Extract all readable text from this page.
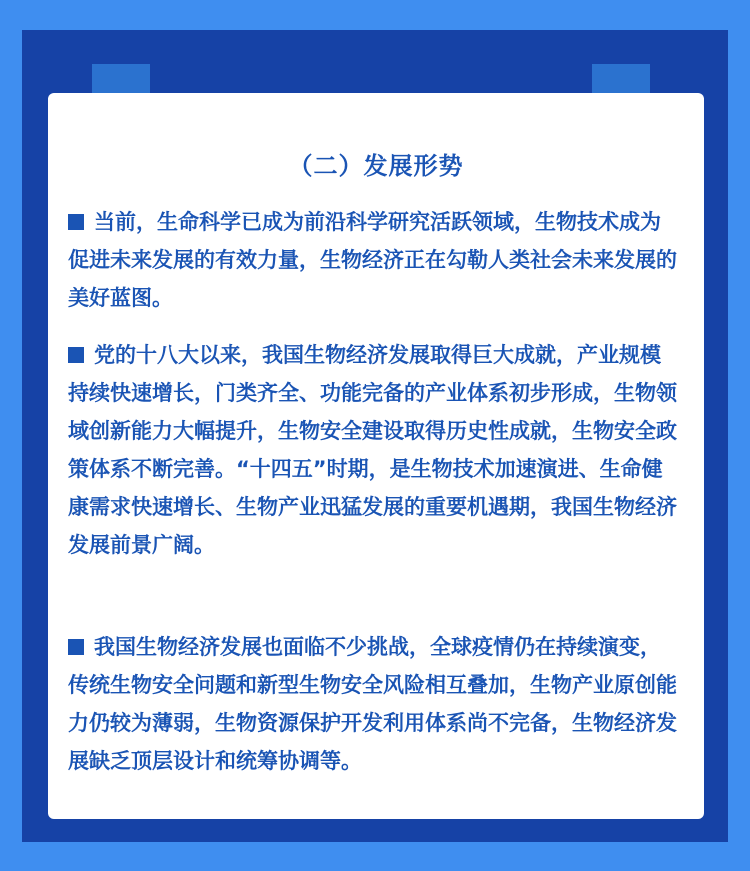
（二）发展形势
当前，生命科学已成为前沿科学研究活跃领域，生物技术成为促进未来发展的有效力量，生物经济正在勾勒人类社会未来发展的美好蓝图。
党的十八大以来，我国生物经济发展取得巨大成就，产业规模持续快速增长，门类齐全、功能完备的产业体系初步形成，生物领域创新能力大幅提升，生物安全建设取得历史性成就，生物安全政策体系不断完善。“十四五”时期，是生物技术加速演进、生命健康需求快速增长、生物产业迅猛发展的重要机遇期，我国生物经济发展前景广阔。
我国生物经济发展也面临不少挑战，全球疫情仍在持续演变，传统生物安全问题和新型生物安全风险相互叠加，生物产业原创能力仍较为薄弱，生物资源保护开发利用体系尚不完备，生物经济发展缺乏顶层设计和统筹协调等。
